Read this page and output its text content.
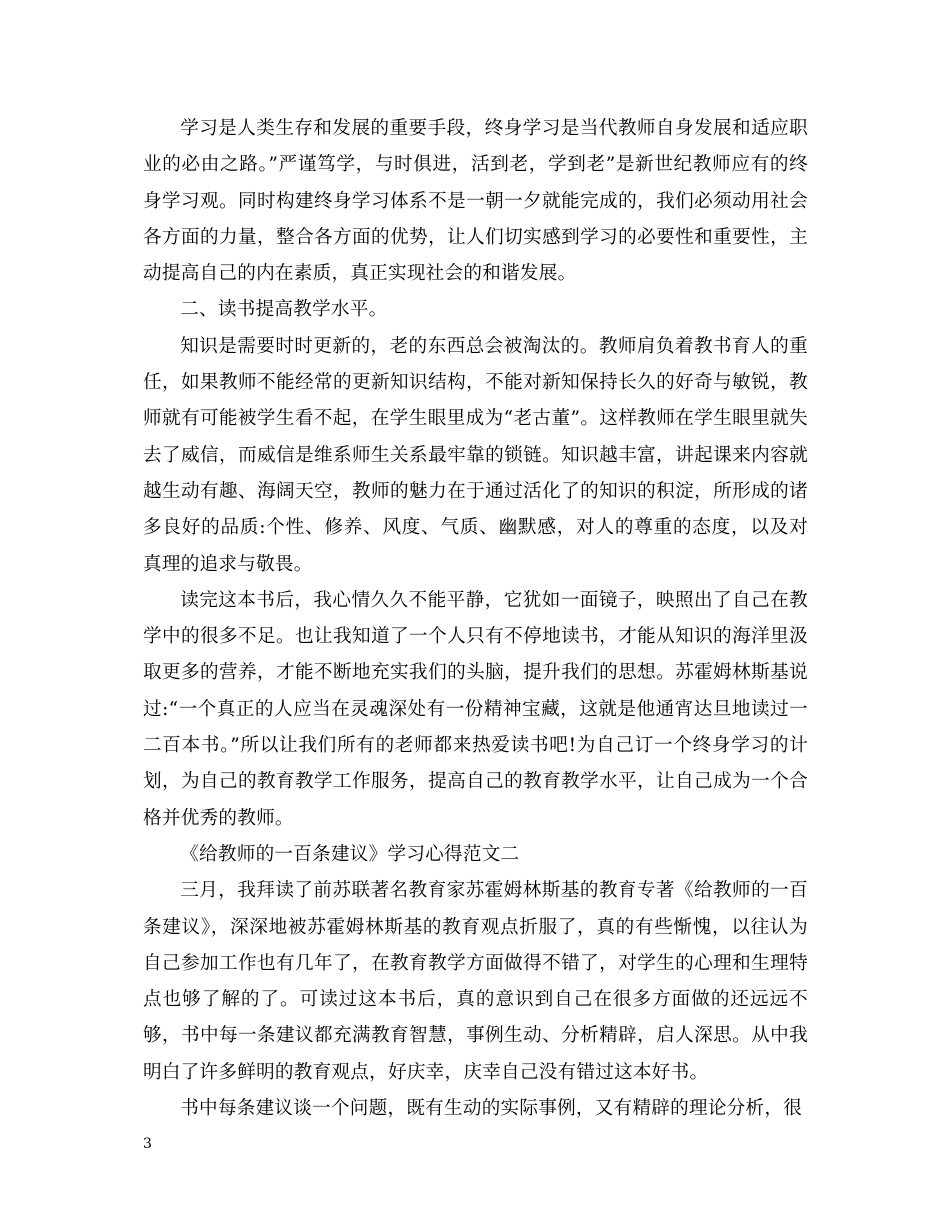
学习是人类生存和发展的重要手段，终身学习是当代教师自身发展和适应职业的必由之路。”严谨笃学，与时俱进，活到老，学到老”是新世纪教师应有的终身学习观。同时构建终身学习体系不是一朝一夕就能完成的，我们必须动用社会各方面的力量，整合各方面的优势，让人们切实感到学习的必要性和重要性，主动提高自己的内在素质，真正实现社会的和谐发展。

二、读书提高教学水平。

知识是需要时时更新的，老的东西总会被淘汰的。教师肩负着教书育人的重任，如果教师不能经常的更新知识结构，不能对新知保持长久的好奇与敏锐，教师就有可能被学生看不起，在学生眼里成为“老古董”。这样教师在学生眼里就失去了威信，而威信是维系师生关系最牢靠的锁链。知识越丰富，讲起课来内容就越生动有趣、海阔天空，教师的魅力在于通过活化了的知识的积淀，所形成的诸多良好的品质:个性、修养、风度、气质、幽默感，对人的尊重的态度，以及对真理的追求与敬畏。

读完这本书后，我心情久久不能平静，它犹如一面镜子，映照出了自己在教学中的很多不足。也让我知道了一个人只有不停地读书，才能从知识的海洋里汲取更多的营养，才能不断地充实我们的头脑，提升我们的思想。苏霍姆林斯基说过:“一个真正的人应当在灵魂深处有一份精神宝藏，这就是他通宵达旦地读过一二百本书。”所以让我们所有的老师都来热爱读书吧!为自己订一个终身学习的计划，为自己的教育教学工作服务，提高自己的教育教学水平，让自己成为一个合格并优秀的教师。

《给教师的一百条建议》学习心得范文二

三月，我拜读了前苏联著名教育家苏霍姆林斯基的教育专著《给教师的一百条建议》，深深地被苏霍姆林斯基的教育观点折服了，真的有些惭愧，以往认为自己参加工作也有几年了，在教育教学方面做得不错了，对学生的心理和生理特点也够了解的了。可读过这本书后，真的意识到自己在很多方面做的还远远不够，书中每一条建议都充满教育智慧，事例生动、分析精辟，启人深思。从中我明白了许多鲜明的教育观点，好庆幸，庆幸自己没有错过这本好书。

书中每条建议谈一个问题，既有生动的实际事例，又有精辟的理论分析，很

3
